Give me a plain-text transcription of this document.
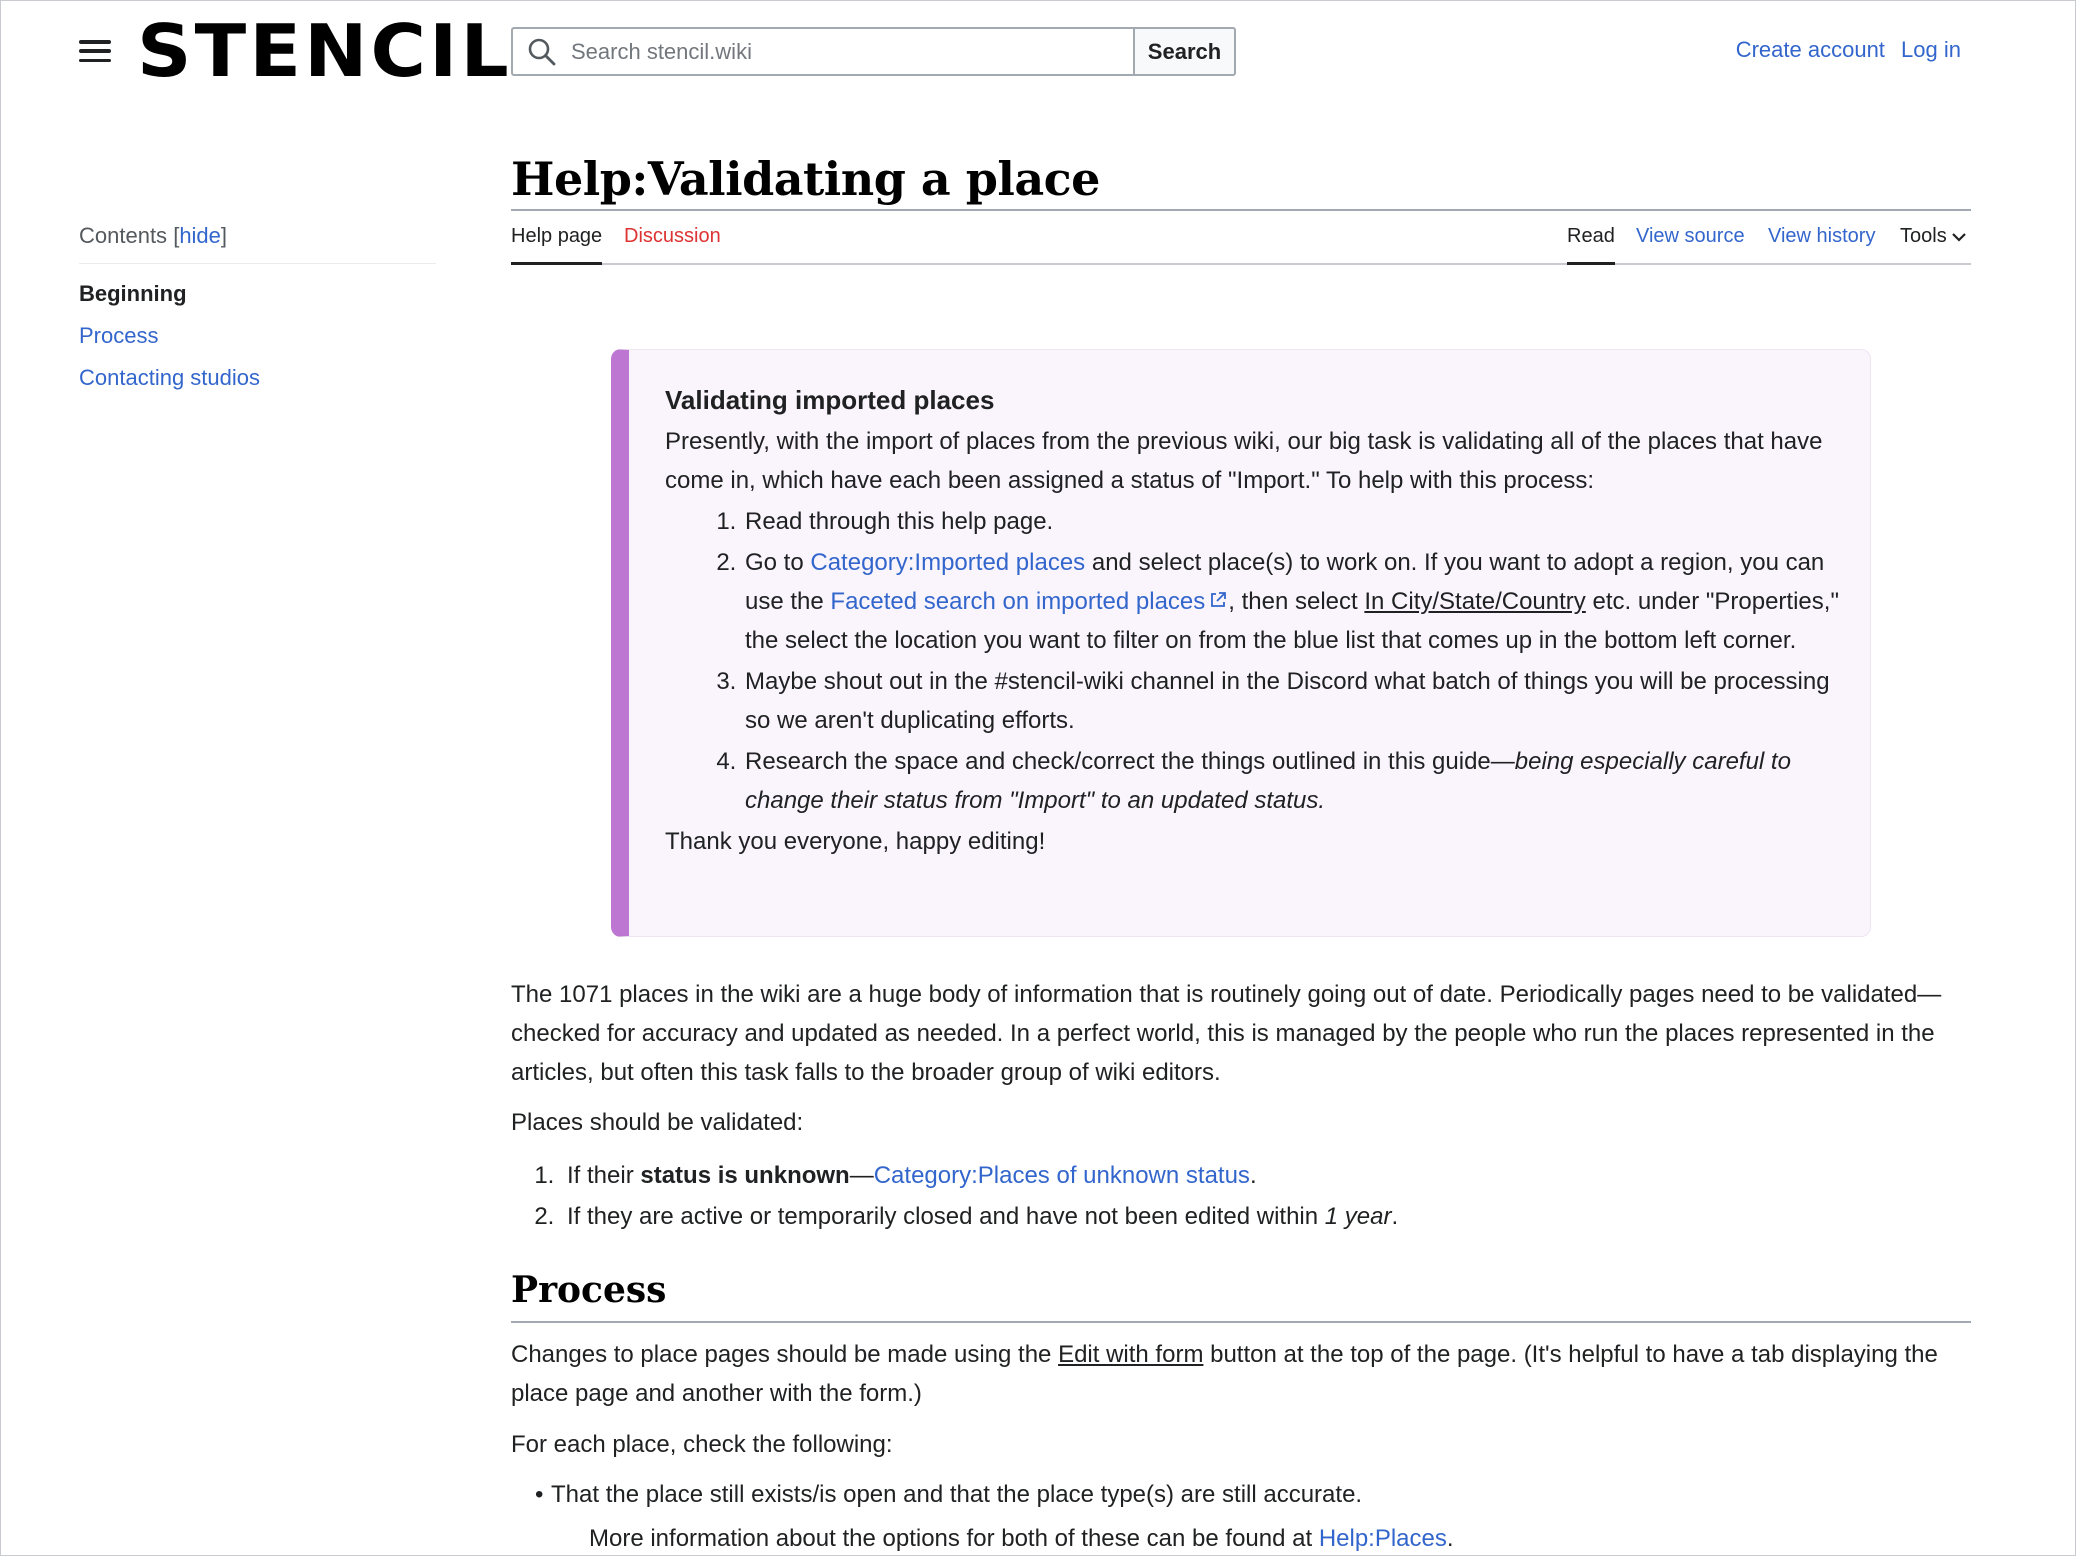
STENCIL
Search stencil.wiki	Search	Create account Log in
Contents [hide]
Beginning
Process
Contacting studios
Help:Validating a place
Help page Discussion	Read View source View history Tools
Validating imported places

Presently, with the import of places from the previous wiki, our big task is validating all of the places that have come in, which have each been assigned a status of "Import." To help with this process:

1. Read through this help page.
2. Go to Category:Imported places and select place(s) to work on. If you want to adopt a region, you can use the Faceted search on imported places , then select In City/State/Country etc. under "Properties," the select the location you want to filter on from the blue list that comes up in the bottom left corner.
3. Maybe shout out in the #stencil-wiki channel in the Discord what batch of things you will be processing so we aren't duplicating efforts.
4. Research the space and check/correct the things outlined in this guide—being especially careful to change their status from "Import" to an updated status.

Thank you everyone, happy editing!

The 1071 places in the wiki are a huge body of information that is routinely going out of date. Periodically pages need to be validated—checked for accuracy and updated as needed. In a perfect world, this is managed by the people who run the places represented in the articles, but often this task falls to the broader group of wiki editors.

Places should be validated:

1. If their status is unknown—Category:Places of unknown status.
2. If they are active or temporarily closed and have not been edited within 1 year.
Process

Changes to place pages should be made using the Edit with form button at the top of the page. (It's helpful to have a tab displaying the place page and another with the form.)

For each place, check the following:

• That the place still exists/is open and that the place type(s) are still accurate.
More information about the options for both of these can be found at Help:Places.
